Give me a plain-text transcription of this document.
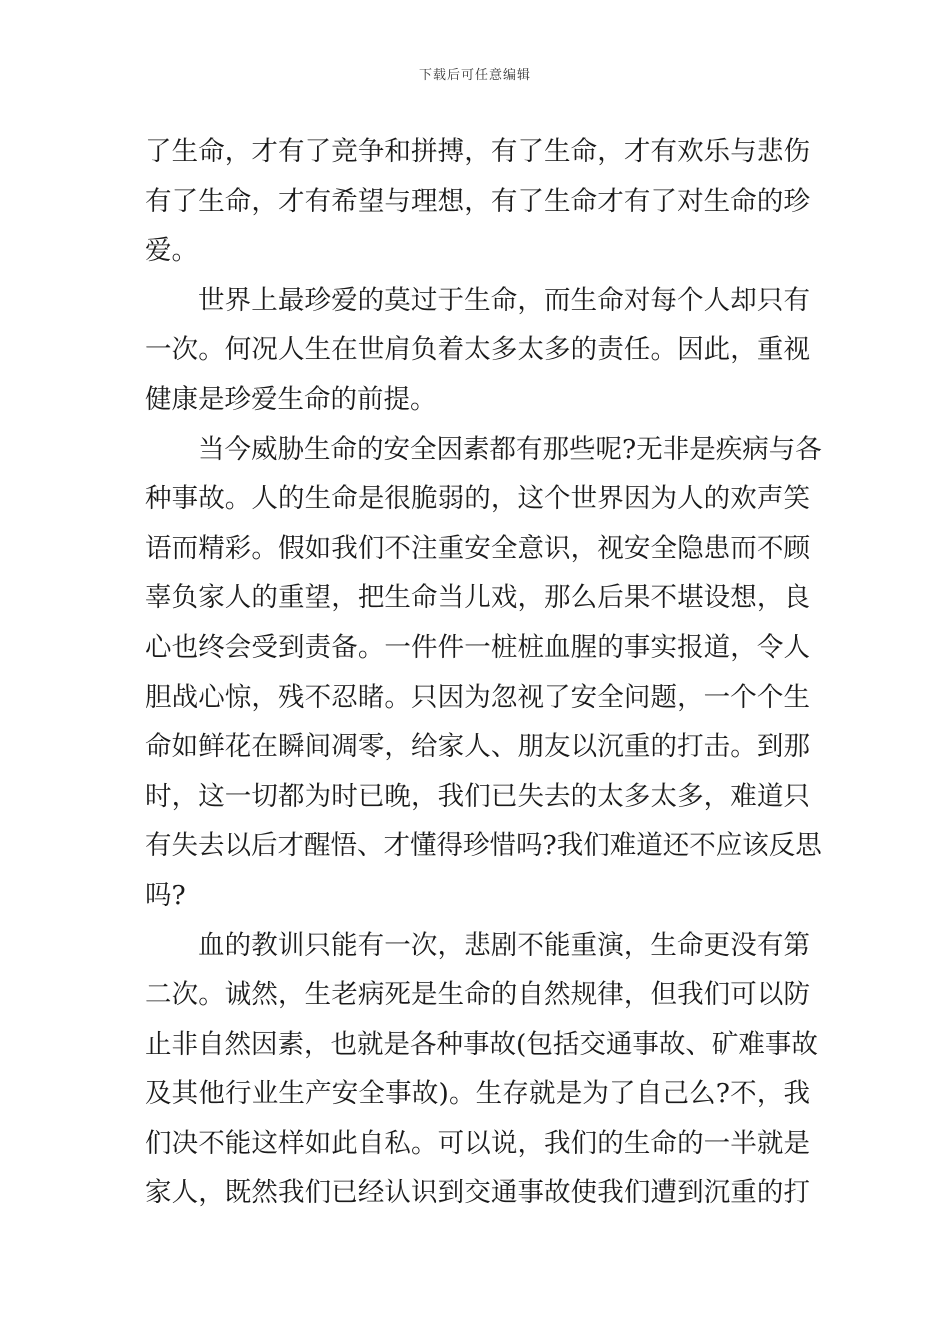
下载后可任意编辑
了生命，才有了竞争和拼搏，有了生命，才有欢乐与悲伤
有了生命，才有希望与理想，有了生命才有了对生命的珍
爱。
世界上最珍爱的莫过于生命，而生命对每个人却只有
一次。何况人生在世肩负着太多太多的责任。因此，重视
健康是珍爱生命的前提。
当今威胁生命的安全因素都有那些呢?无非是疾病与各
种事故。人的生命是很脆弱的，这个世界因为人的欢声笑
语而精彩。假如我们不注重安全意识，视安全隐患而不顾
辜负家人的重望，把生命当儿戏，那么后果不堪设想，良
心也终会受到责备。一件件一桩桩血腥的事实报道，令人
胆战心惊，残不忍睹。只因为忽视了安全问题，一个个生
命如鲜花在瞬间凋零，给家人、朋友以沉重的打击。到那
时，这一切都为时已晚，我们已失去的太多太多，难道只
有失去以后才醒悟、才懂得珍惜吗?我们难道还不应该反思
吗?
血的教训只能有一次，悲剧不能重演，生命更没有第
二次。诚然，生老病死是生命的自然规律，但我们可以防
止非自然因素，也就是各种事故(包括交通事故、矿难事故
及其他行业生产安全事故)。生存就是为了自己么?不，我
们决不能这样如此自私。可以说，我们的生命的一半就是
家人，既然我们已经认识到交通事故使我们遭到沉重的打
